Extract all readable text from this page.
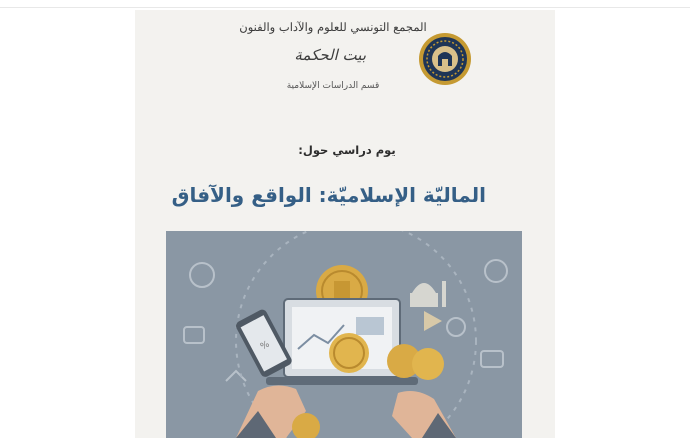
المجمع التونسي للعلوم والآداب والفنون
بيت الحكمة
قسم الدراسات الإسلامية
يوم دراسي حول:
الماليّة الإسلاميّة: الواقع والآفاق
%
